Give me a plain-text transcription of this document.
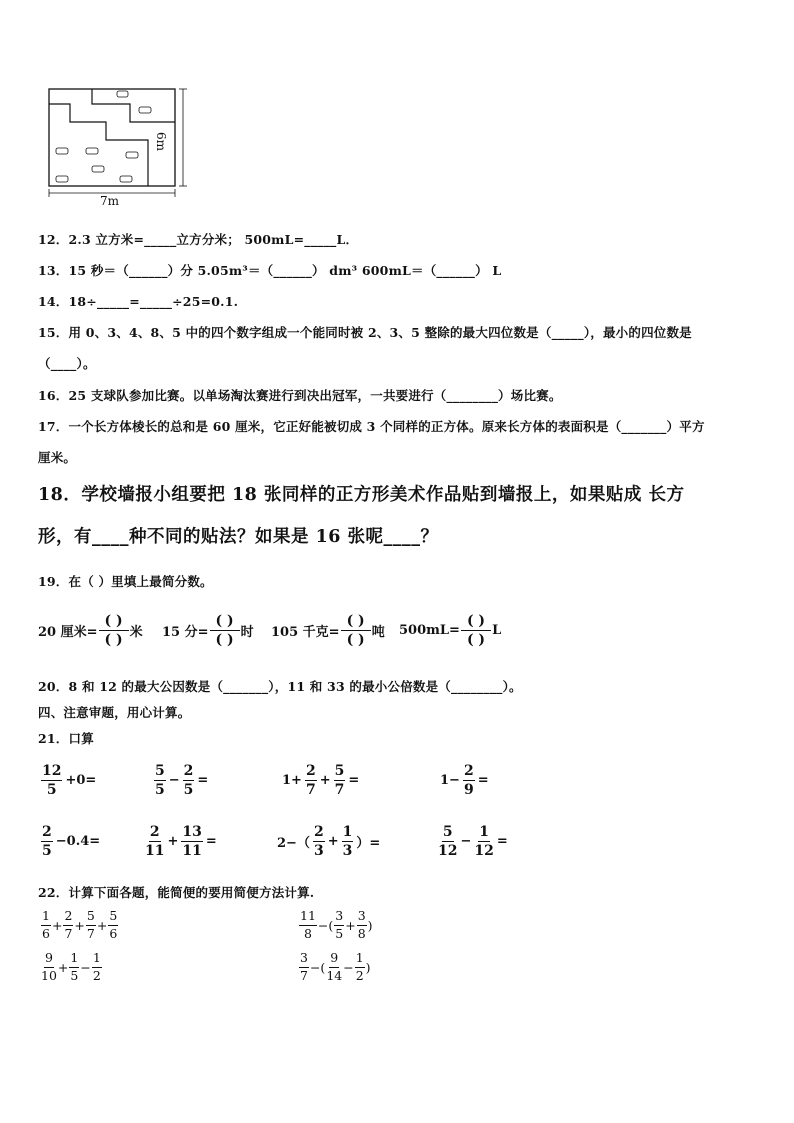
7m
6m
12．2.3 立方米=_____立方分米； 500mL=_____L．
13．15 秒＝（______）分 5.05m³＝（______） dm³ 600mL＝（______） L
14．18÷_____=_____÷25=0.1.
15．用 0、3、4、8、5 中的四个数字组成一个能同时被 2、3、5 整除的最大四位数是（_____），最小的四位数是
（____）。
16．25 支球队参加比赛。以单场淘汰赛进行到决出冠军，一共要进行（________）场比赛。
17．一个长方体棱长的总和是 60 厘米，它正好能被切成 3 个同样的正方体。原来长方体的表面积是（_______）平方
厘米。
18．学校墙报小组要把 18 张同样的正方形美术作品贴到墙报上，如果贴成 长方
形，有____种不同的贴法？如果是 16 张呢____？
19．在（ ）里填上最简分数。
20 厘米= $\frac{( )}{( )}$ 米 15 分= $\frac{( )}{( )}$ 时 105 千克= $\frac{( )}{( )}$ 吨 $500mL= \frac{( )}{( )}$ L
20．8 和 12 的最大公因数是（_______），11 和 33 的最小公倍数是（________）。
四、注意审题，用心计算。
21．口算
$\frac{12}{5} +0=$	$\frac{5}{5} - \frac{2}{5}$ =	$1+ \frac{2}{7} + \frac{5}{7}$ =	$1- \frac{2}{9}$ =
$\frac{2}{5} -0.4=$	$\frac{2}{11} + \frac{13}{11}$ =	$2-( \frac{2}{3} + \frac{1}{3}$ ）=	$\frac{5}{12} - \frac{1}{12}$ =
22．计算下面各题，能简便的要用简便方法计算.
$\frac{1}{6} + \frac{2}{7} + \frac{5}{7} + \frac{5}{6}$	$\frac{11}{8}$ −( $\frac{3}{5} + \frac{3}{8}$ )
$\frac{9}{10} + \frac{1}{5} - \frac{1}{2}$	$\frac{3}{7}$ −( $\frac{9}{14} - \frac{1}{2}$ )
